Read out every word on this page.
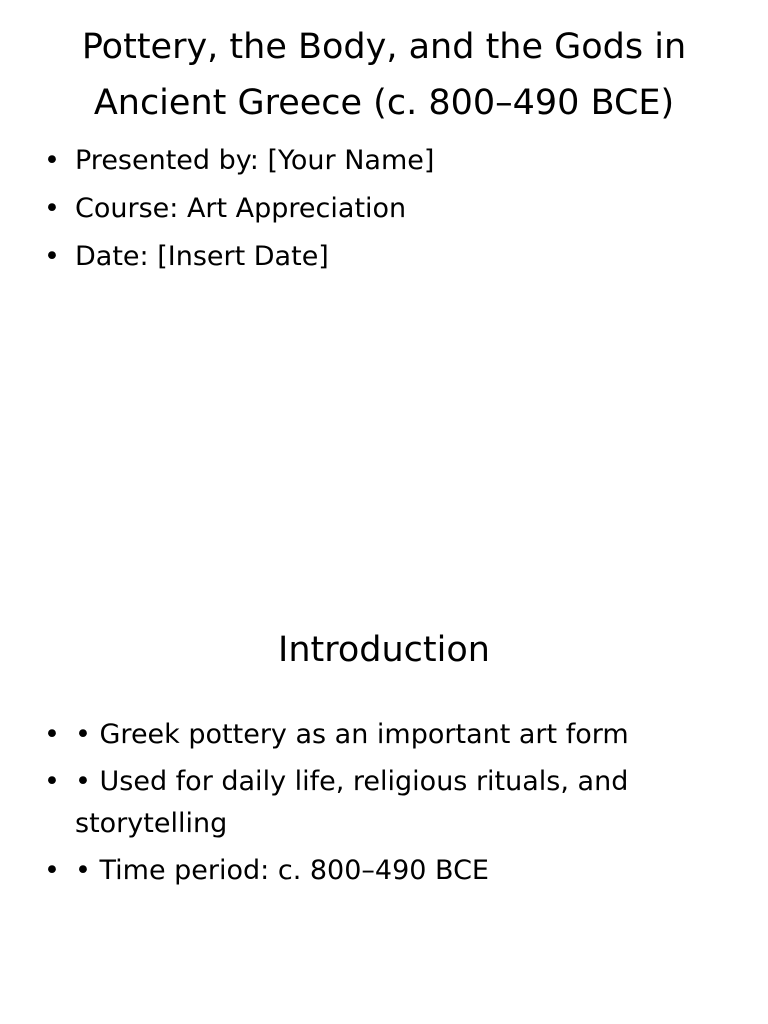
Pottery, the Body, and the Gods in Ancient Greece (c. 800–490 BCE)
• Presented by: [Your Name]
• Course: Art Appreciation
• Date: [Insert Date]
Introduction
• • Greek pottery as an important art form
• • Used for daily life, religious rituals, and storytelling
• • Time period: c. 800–490 BCE
